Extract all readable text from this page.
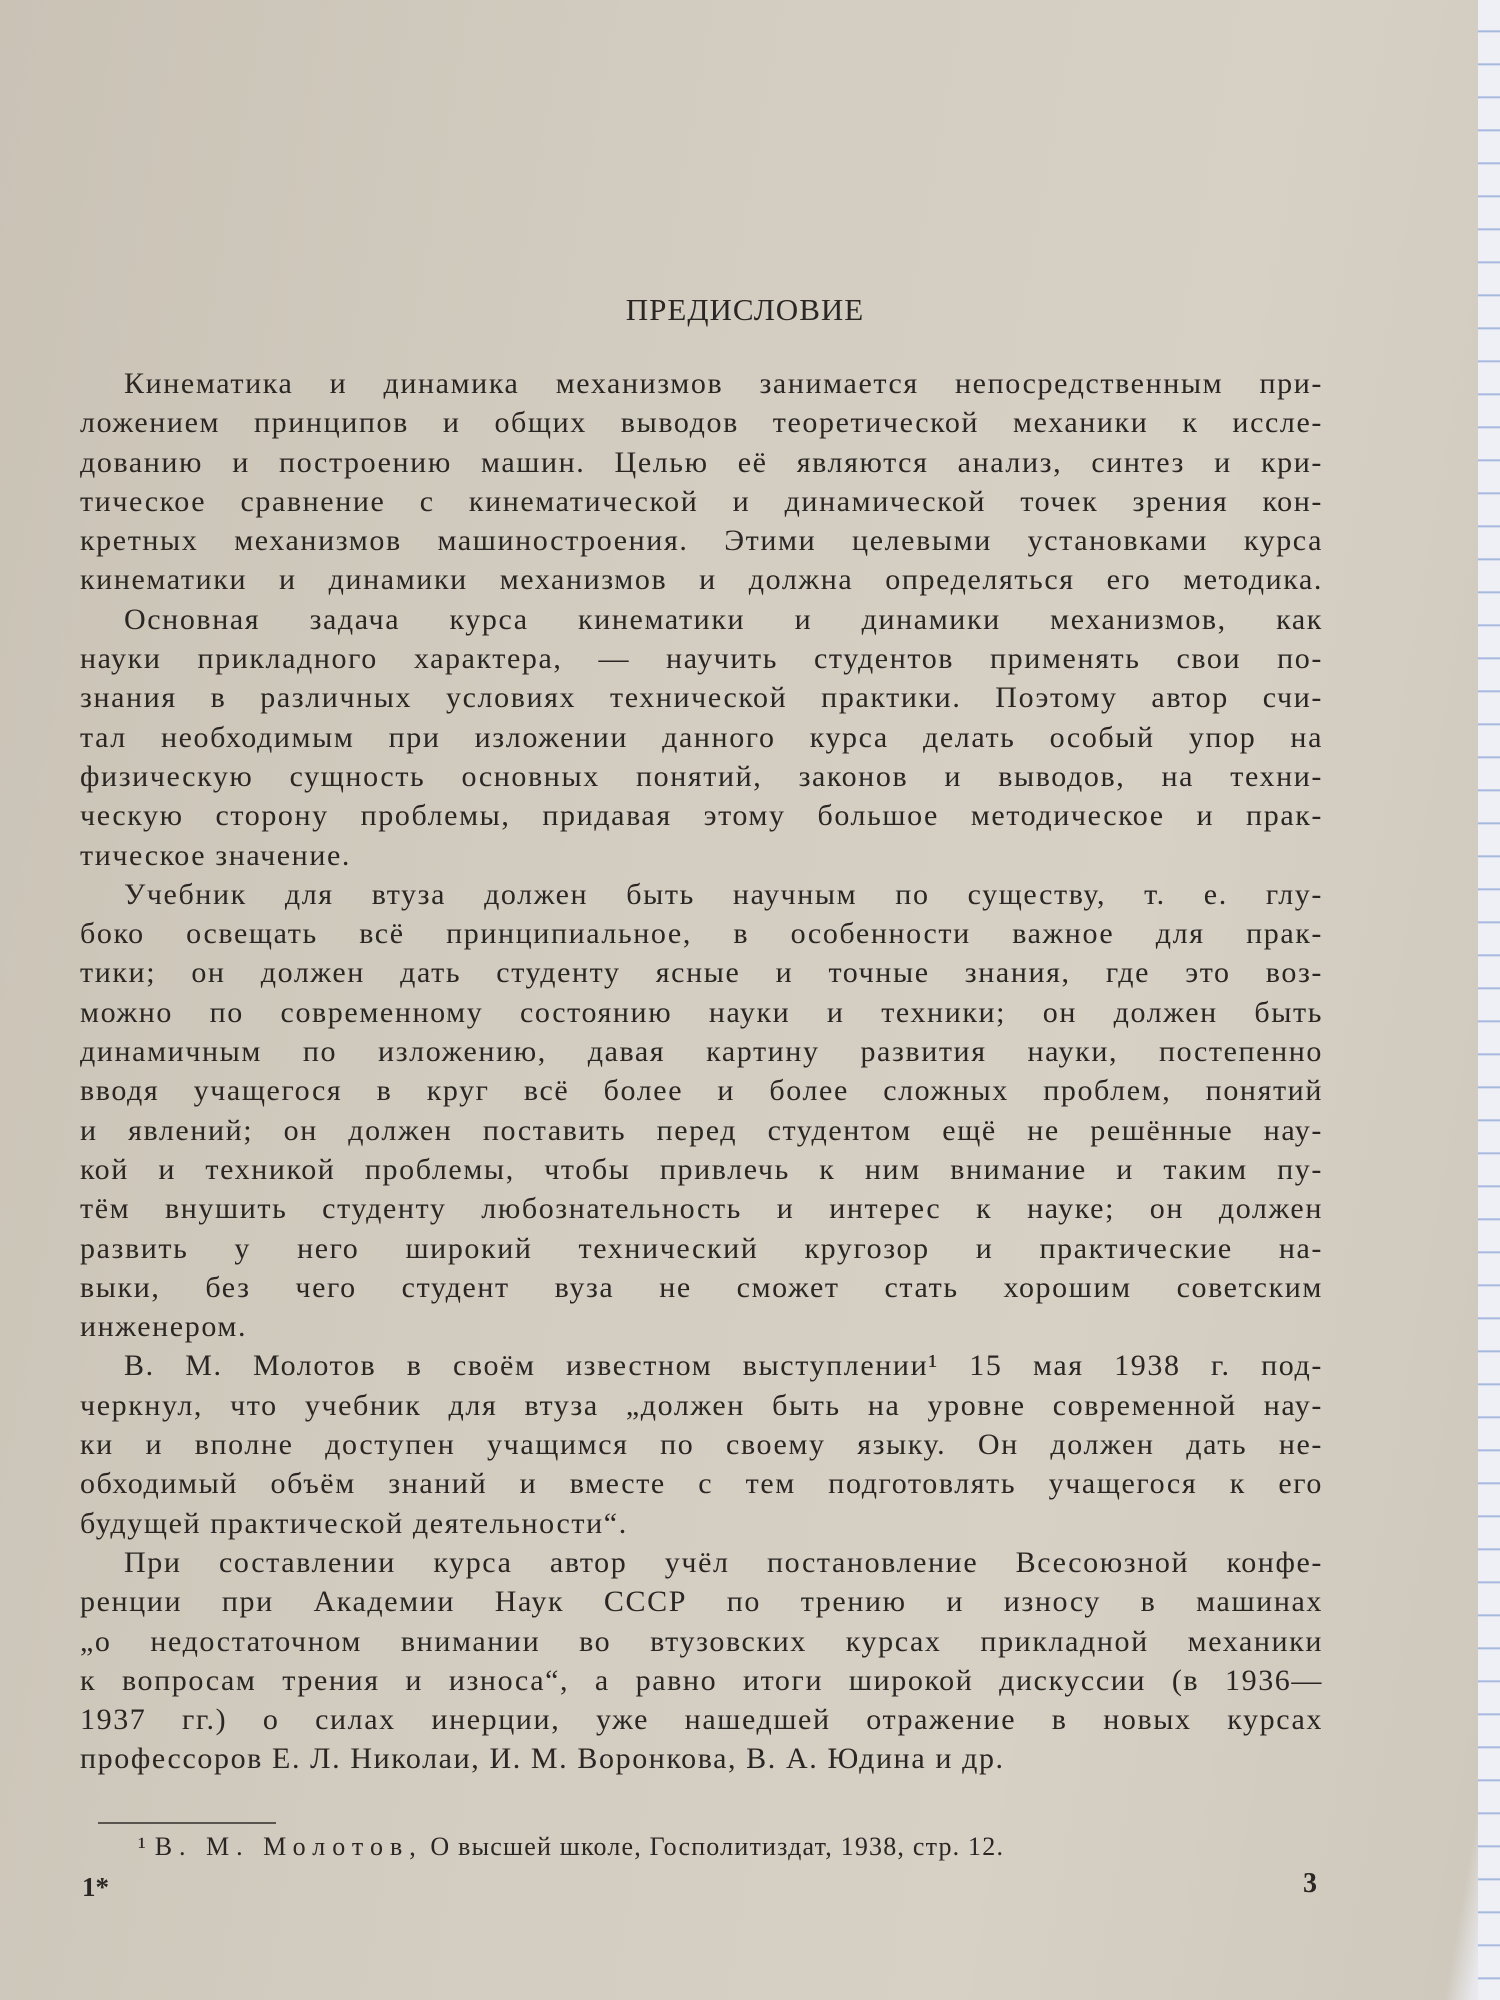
ПРЕДИСЛОВИЕ
Кинематика и динамика механизмов занимается непосредственным при-
ложением принципов и общих выводов теоретической механики к иссле-
дованию и построению машин. Целью её являются анализ, синтез и кри-
тическое сравнение с кинематической и динамической точек зрения кон-
кретных механизмов машиностроения. Этими целевыми установками курса
кинематики и динамики механизмов и должна определяться его методика.
Основная задача курса кинематики и динамики механизмов, как
науки прикладного характера, — научить студентов применять свои по-
знания в различных условиях технической практики. Поэтому автор счи-
тал необходимым при изложении данного курса делать особый упор на
физическую сущность основных понятий, законов и выводов, на техни-
ческую сторону проблемы, придавая этому большое методическое и прак-
тическое значение.
Учебник для втуза должен быть научным по существу, т. е. глу-
боко освещать всё принципиальное, в особенности важное для прак-
тики; он должен дать студенту ясные и точные знания, где это воз-
можно по современному состоянию науки и техники; он должен быть
динамичным по изложению, давая картину развития науки, постепенно
вводя учащегося в круг всё более и более сложных проблем, понятий
и явлений; он должен поставить перед студентом ещё не решённые нау-
кой и техникой проблемы, чтобы привлечь к ним внимание и таким пу-
тём внушить студенту любознательность и интерес к науке; он должен
развить у него широкий технический кругозор и практические на-
выки, без чего студент вуза не сможет стать хорошим советским
инженером.
В. М. Молотов в своём известном выступлении¹ 15 мая 1938 г. под-
черкнул, что учебник для втуза „должен быть на уровне современной нау-
ки и вполне доступен учащимся по своему языку. Он должен дать не-
обходимый объём знаний и вместе с тем подготовлять учащегося к его
будущей практической деятельности“.
При составлении курса автор учёл постановление Всесоюзной конфе-
ренции при Академии Наук СССР по трению и износу в машинах
„о недостаточном внимании во втузовских курсах прикладной механики
к вопросам трения и износа“, а равно итоги широкой дискуссии (в 1936—
1937 гг.) о силах инерции, уже нашедшей отражение в новых курсах
профессоров Е. Л. Николаи, И. М. Воронкова, В. А. Юдина и др.
¹ В. М. Молотов, О высшей школе, Госполитиздат, 1938, стр. 12.
1*	3
